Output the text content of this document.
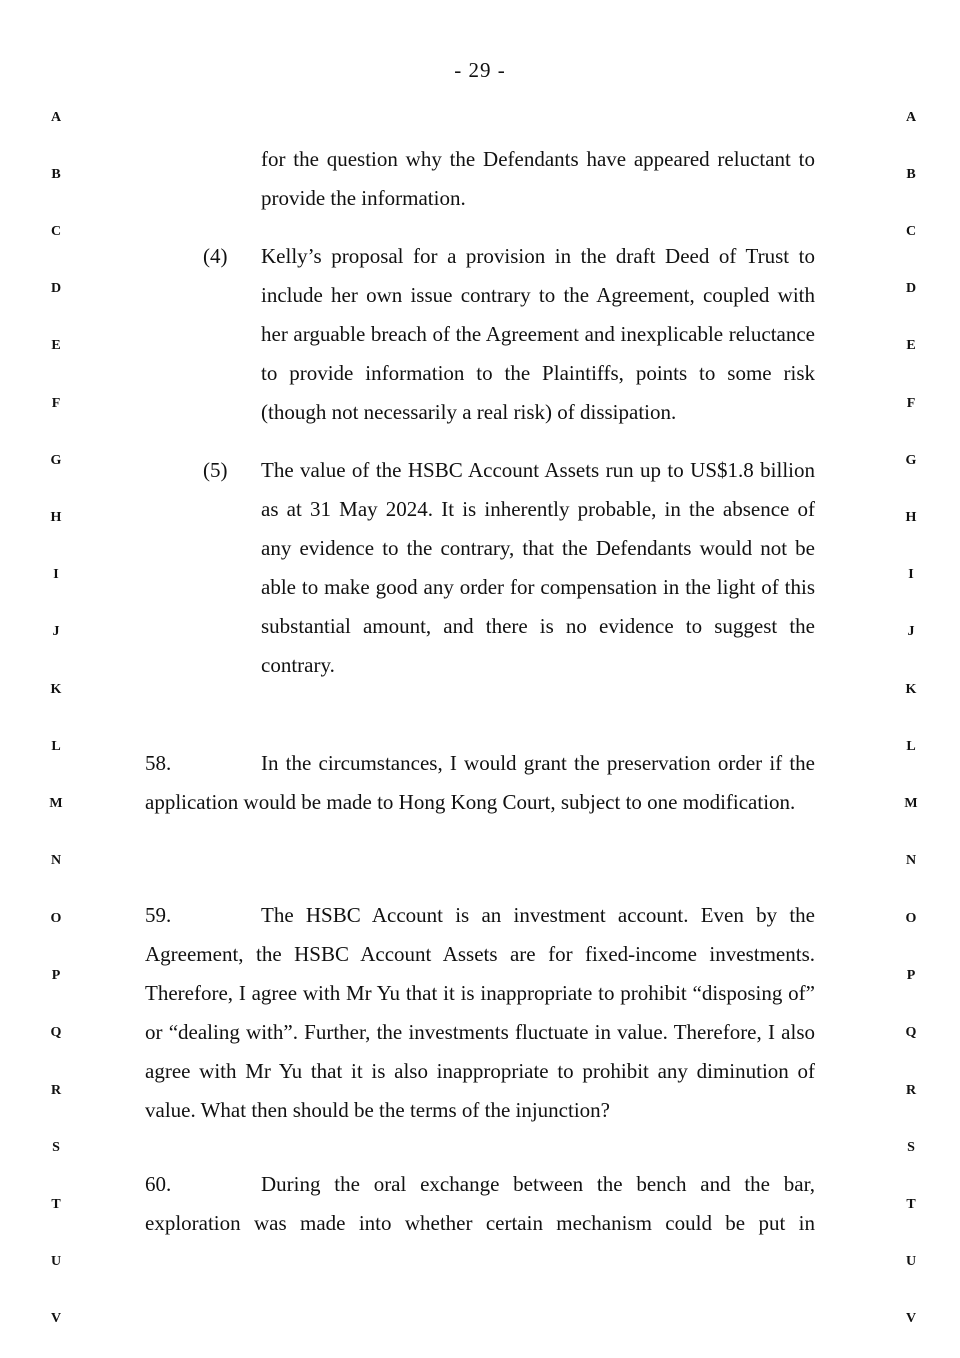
- 29 -
A
B
C
D
E
F
G
H
I
J
K
L
M
N
O
P
Q
R
S
T
U
V
A
B
C
D
E
F
G
H
I
J
K
L
M
N
O
P
Q
R
S
T
U
V
for the question why the Defendants have appeared reluctant to provide the information.
(4) Kelly’s proposal for a provision in the draft Deed of Trust to include her own issue contrary to the Agreement, coupled with her arguable breach of the Agreement and inexplicable reluctance to provide information to the Plaintiffs, points to some risk (though not necessarily a real risk) of dissipation.
(5) The value of the HSBC Account Assets run up to US$1.8 billion as at 31 May 2024. It is inherently probable, in the absence of any evidence to the contrary, that the Defendants would not be able to make good any order for compensation in the light of this substantial amount, and there is no evidence to suggest the contrary.
58.	In the circumstances, I would grant the preservation order if the application would be made to Hong Kong Court, subject to one modification.
59.	The HSBC Account is an investment account. Even by the Agreement, the HSBC Account Assets are for fixed-income investments. Therefore, I agree with Mr Yu that it is inappropriate to prohibit “disposing of” or “dealing with”. Further, the investments fluctuate in value. Therefore, I also agree with Mr Yu that it is also inappropriate to prohibit any diminution of value. What then should be the terms of the injunction?
60.	During the oral exchange between the bench and the bar, exploration was made into whether certain mechanism could be put in
